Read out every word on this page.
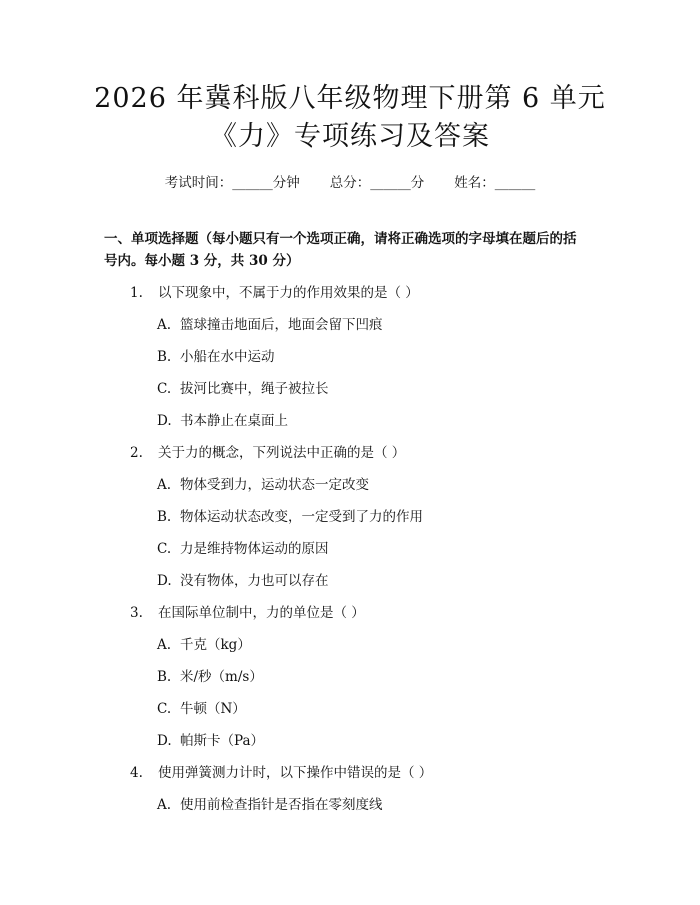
2026 年冀科版八年级物理下册第 6 单元
《力》专项练习及答案
考试时间：______分钟 总分：______分 姓名：______
一、单项选择题（每小题只有一个选项正确，请将正确选项的字母填在题后的括
号内。每小题 3 分，共 30 分）
1. 以下现象中，不属于力的作用效果的是（ ）
A. 篮球撞击地面后，地面会留下凹痕
B. 小船在水中运动
C. 拔河比赛中，绳子被拉长
D. 书本静止在桌面上
2. 关于力的概念，下列说法中正确的是（ ）
A. 物体受到力，运动状态一定改变
B. 物体运动状态改变，一定受到了力的作用
C. 力是维持物体运动的原因
D. 没有物体，力也可以存在
3. 在国际单位制中，力的单位是（ ）
A. 千克（kg）
B. 米/秒（m/s）
C. 牛顿（N）
D. 帕斯卡（Pa）
4. 使用弹簧测力计时，以下操作中错误的是（ ）
A. 使用前检查指针是否指在零刻度线
